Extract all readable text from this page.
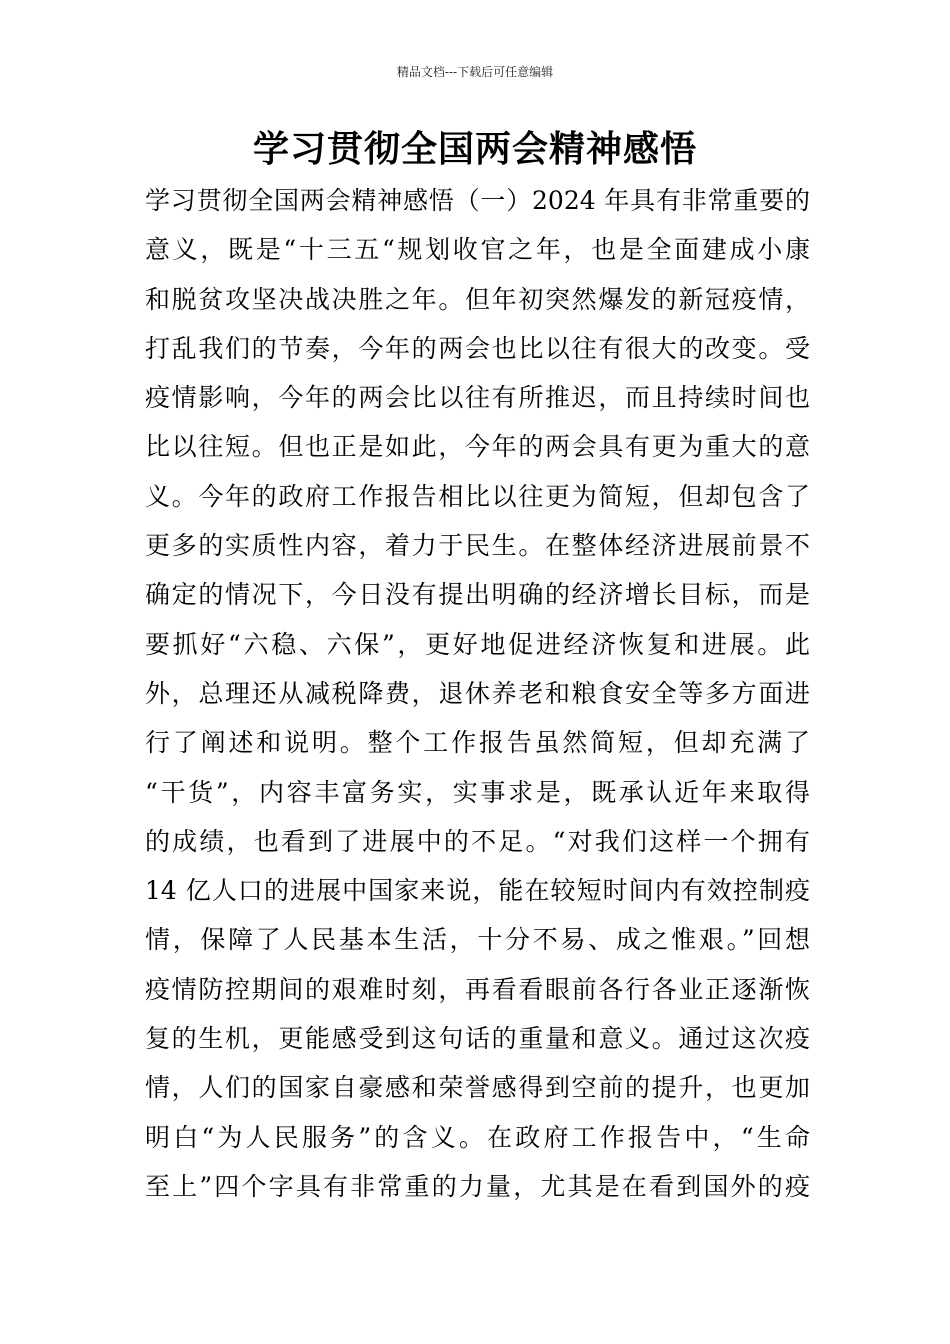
精品文档---下载后可任意编辑
学习贯彻全国两会精神感悟
学习贯彻全国两会精神感悟（一）2024 年具有非常重要的
意义，既是“十三五“规划收官之年，也是全面建成小康
和脱贫攻坚决战决胜之年。但年初突然爆发的新冠疫情，
打乱我们的节奏，今年的两会也比以往有很大的改变。受
疫情影响，今年的两会比以往有所推迟，而且持续时间也
比以往短。但也正是如此，今年的两会具有更为重大的意
义。今年的政府工作报告相比以往更为简短，但却包含了
更多的实质性内容，着力于民生。在整体经济进展前景不
确定的情况下，今日没有提出明确的经济增长目标，而是
要抓好“六稳、六保”，更好地促进经济恢复和进展。此
外，总理还从减税降费，退休养老和粮食安全等多方面进
行了阐述和说明。整个工作报告虽然简短，但却充满了
“干货”，内容丰富务实，实事求是，既承认近年来取得
的成绩，也看到了进展中的不足。“对我们这样一个拥有
14 亿人口的进展中国家来说，能在较短时间内有效控制疫
情，保障了人民基本生活，十分不易、成之惟艰。”回想
疫情防控期间的艰难时刻，再看看眼前各行各业正逐渐恢
复的生机，更能感受到这句话的重量和意义。通过这次疫
情，人们的国家自豪感和荣誉感得到空前的提升，也更加
明白“为人民服务”的含义。在政府工作报告中，“生命
至上”四个字具有非常重的力量，尤其是在看到国外的疫
